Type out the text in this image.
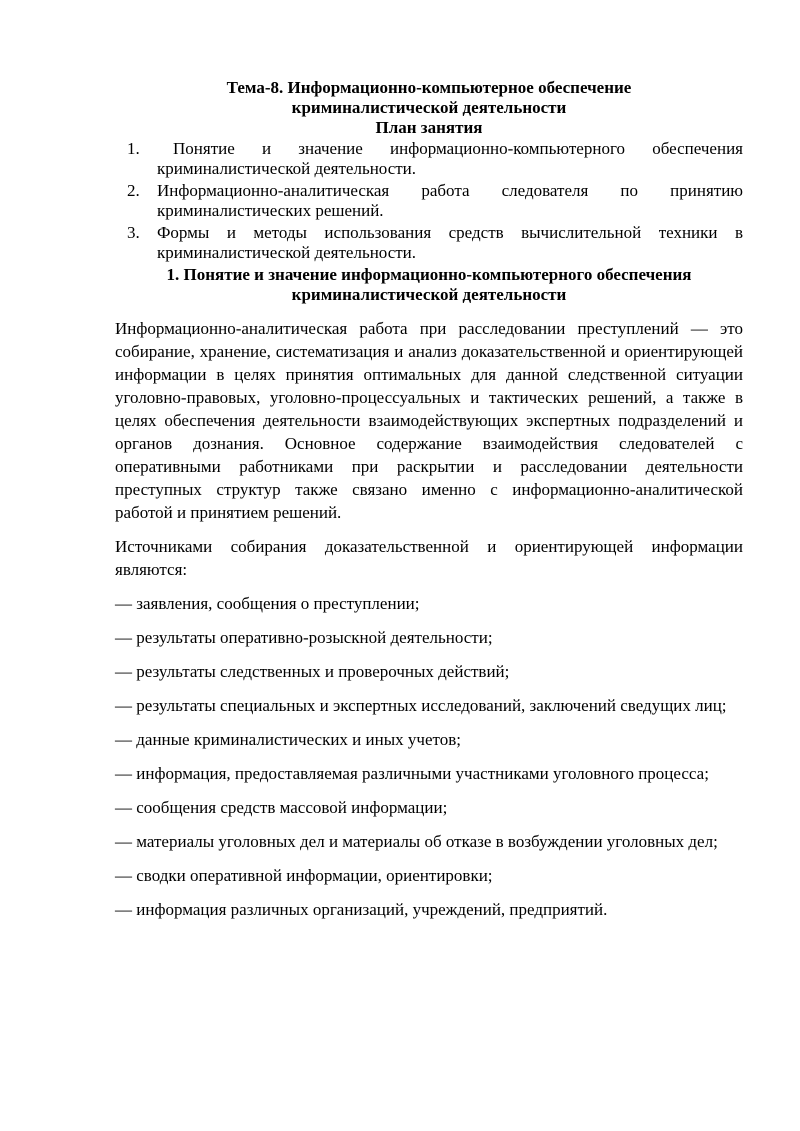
Тема-8. Информационно-компьютерное обеспечение
криминалистической деятельности
План занятия

1.	Понятие и значение информационно-компьютерного обеспечения криминалистической деятельности.
2.	Информационно-аналитическая работа следователя по принятию криминалистических решений.
3.	Формы и методы использования средств вычислительной техники в криминалистической деятельности.

1. Понятие и значение информационно-компьютерного обеспечения
криминалистической деятельности

Информационно-аналитическая работа при расследовании преступлений — это собирание, хранение, систематизация и анализ доказательственной и ориентирующей информации в целях принятия оптимальных для данной следственной ситуации уголовно-правовых, уголовно-процессуальных и тактических решений, а также в целях обеспечения деятельности взаимодействующих экспертных подразделений и органов дознания. Основное содержание взаимодействия следователей с оперативными работниками при раскрытии и расследовании деятельности преступных структур также связано именно с информационно-аналитической работой и принятием решений.

Источниками собирания доказательственной и ориентирующей информации являются:

— заявления, сообщения о преступлении;

— результаты оперативно-розыскной деятельности;

— результаты следственных и проверочных действий;

— результаты специальных и экспертных исследований, заключений сведущих лиц;

— данные криминалистических и иных учетов;

— информация, предоставляемая различными участниками уголовного процесса;

— сообщения средств массовой информации;

— материалы уголовных дел и материалы об отказе в возбуждении уголовных дел;

— сводки оперативной информации, ориентировки;

— информация различных организаций, учреждений, предприятий.
